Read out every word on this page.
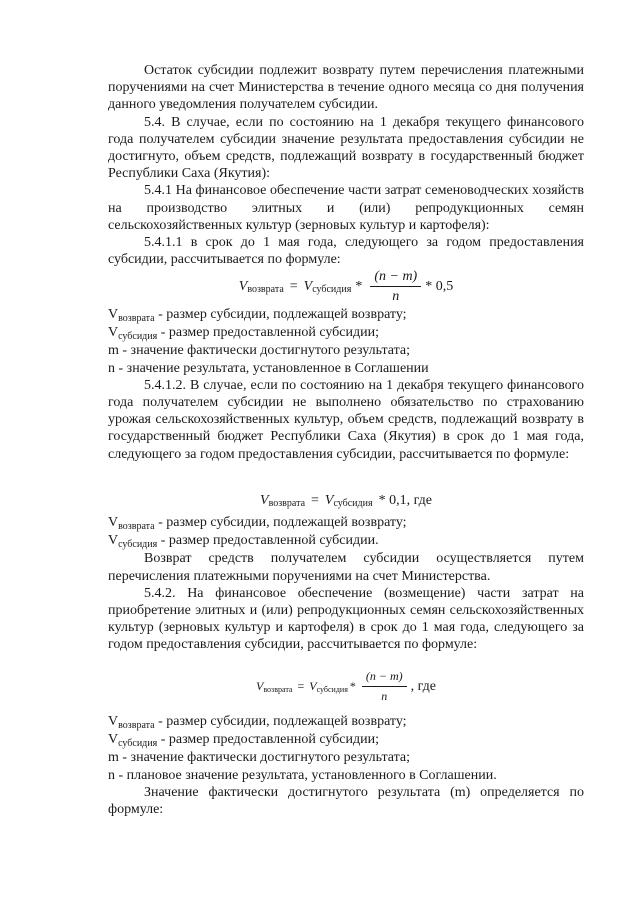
Остаток субсидии подлежит возврату путем перечисления платежными поручениями на счет Министерства в течение одного месяца со дня получения данного уведомления получателем субсидии.

5.4. В случае, если по состоянию на 1 декабря текущего финансового года получателем субсидии значение результата предоставления субсидии не достигнуто, объем средств, подлежащий возврату в государственный бюджет Республики Саха (Якутия):

5.4.1 На финансовое обеспечение части затрат семеноводческих хозяйств на производство элитных и (или) репродукционных семян сельскохозяйственных культур (зерновых культур и картофеля):

5.4.1.1 в срок до 1 мая года, следующего за годом предоставления субсидии, рассчитывается по формуле:

V возврата = V субсидия * $\frac{(n - m)}{n} * 0,5$

$V_{возврата}$ - размер субсидии, подлежащей возврату;

$V_{субсидия}$ - размер предоставленной субсидии;

m - значение фактически достигнутого результата;

n - значение результата, установленное в Соглашении

5.4.1.2. В случае, если по состоянию на 1 декабря текущего финансового года получателем субсидии не выполнено обязательство по страхованию урожая сельскохозяйственных культур, объем средств, подлежащий возврату в государственный бюджет Республики Саха (Якутия) в срок до 1 мая года, следующего за годом предоставления субсидии, рассчитывается по формуле:

V возврата = V субсидия * 0,1 , где

$V_{возврата}$ - размер субсидии, подлежащей возврату;

$V_{субсидия}$ - размер предоставленной субсидии.

Возврат средств получателем субсидии осуществляется путем перечисления платежными поручениями на счет Министерства.

5.4.2. На финансовое обеспечение (возмещение) части затрат на приобретение элитных и (или) репродукционных семян сельскохозяйственных культур (зерновых культур и картофеля) в срок до 1 мая года, следующего за годом предоставления субсидии, рассчитывается по формуле:

V возврата = V субсидия * $\frac{(n - m)}{n}$ , где

$V_{возврата}$ - размер субсидии, подлежащей возврату;

$V_{субсидия}$ - размер предоставленной субсидии;

m - значение фактически достигнутого результата;

n - плановое значение результата, установленного в Соглашении.

Значение фактически достигнутого результата (m) определяется по формуле:
